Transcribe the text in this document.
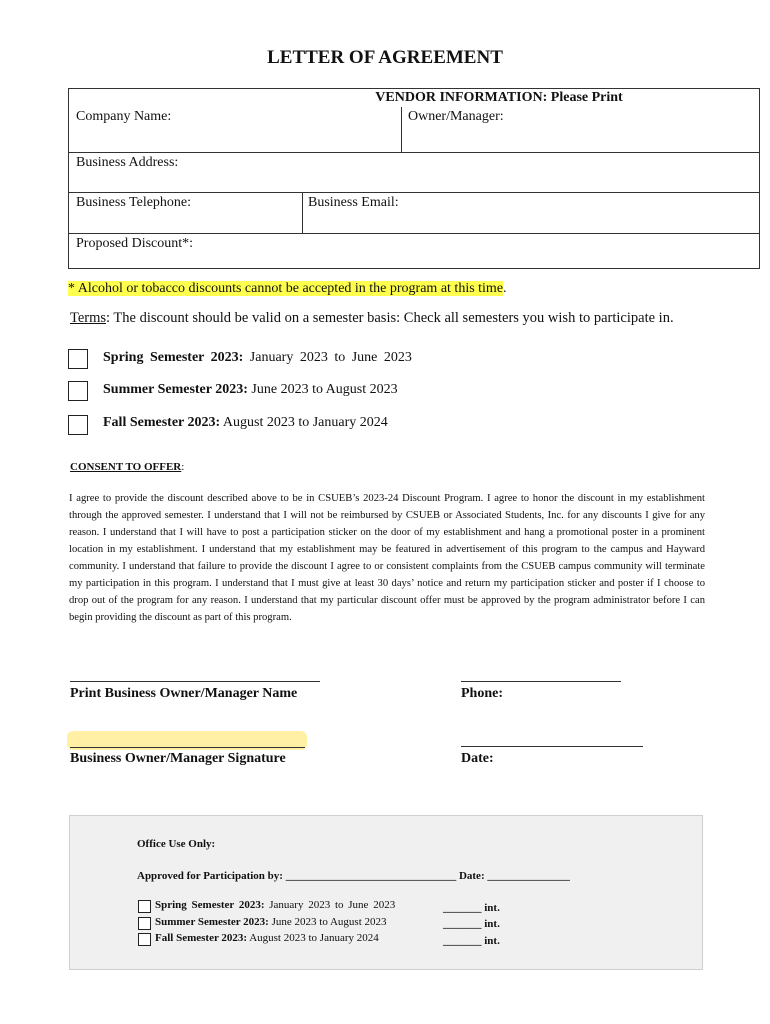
LETTER OF AGREEMENT
VENDOR INFORMATION: Please Print
Company Name:	Owner/Manager:
Business Address:
Business Telephone:	Business Email:
Proposed Discount*:
* Alcohol or tobacco discounts cannot be accepted in the program at this time.
Terms: The discount should be valid on a semester basis: Check all semesters you wish to participate in.
Spring Semester 2023: January 2023 to June 2023
Summer Semester 2023: June 2023 to August 2023
Fall Semester 2023: August 2023 to January 2024
CONSENT TO OFFER:
I agree to provide the discount described above to be in CSUEB’s 2023-24 Discount Program. I agree to honor the discount in my establishment through the approved semester. I understand that I will not be reimbursed by CSUEB or Associated Students, Inc. for any discounts I give for any reason. I understand that I will have to post a participation sticker on the door of my establishment and hang a promotional poster in a prominent location in my establishment. I understand that my establishment may be featured in advertisement of this program to the campus and Hayward community. I understand that failure to provide the discount I agree to or consistent complaints from the CSUEB campus community will terminate my participation in this program. I understand that I must give at least 30 days’ notice and return my participation sticker and poster if I choose to drop out of the program for any reason. I understand that my particular discount offer must be approved by the program administrator before I can begin providing the discount as part of this program.
Print Business Owner/Manager Name	Phone:
Business Owner/Manager Signature	Date:
Office Use Only:
Approved for Participation by: _______________________________ Date: _______________
Spring Semester 2023: January 2023 to June 2023	_______ int.
Summer Semester 2023: June 2023 to August 2023	_______ int.
Fall Semester 2023: August 2023 to January 2024	_______ int.
